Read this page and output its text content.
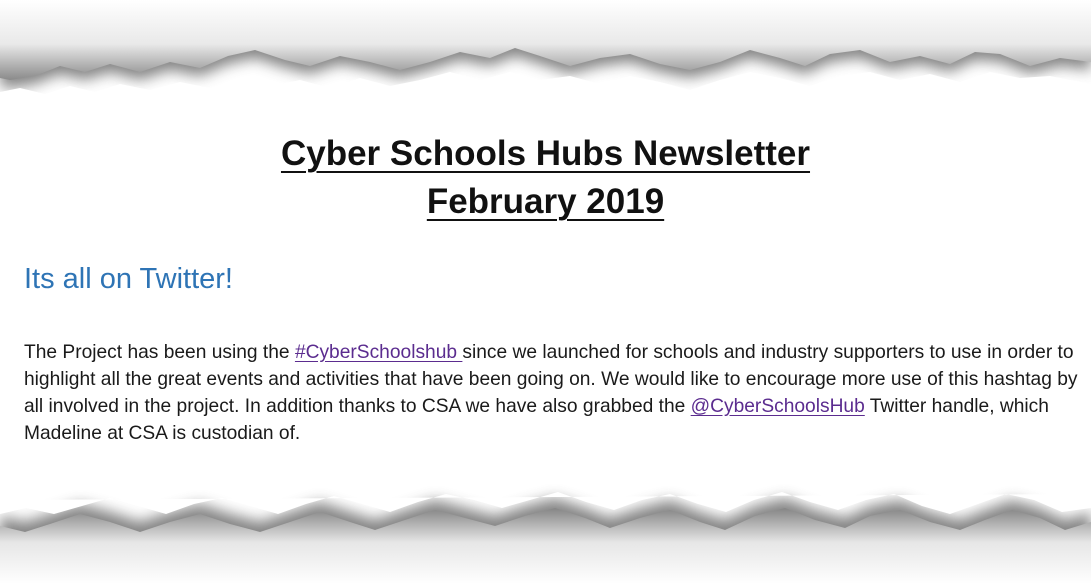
Cyber Schools Hubs Newsletter
February 2019
Its all on Twitter!

The Project has been using the #CyberSchoolshub since we launched for schools and industry supporters to use in order to highlight all the great events and activities that have been going on. We would like to encourage more use of this hashtag by all involved in the project. In addition thanks to CSA we have also grabbed the @CyberSchoolsHub Twitter handle, which Madeline at CSA is custodian of.
